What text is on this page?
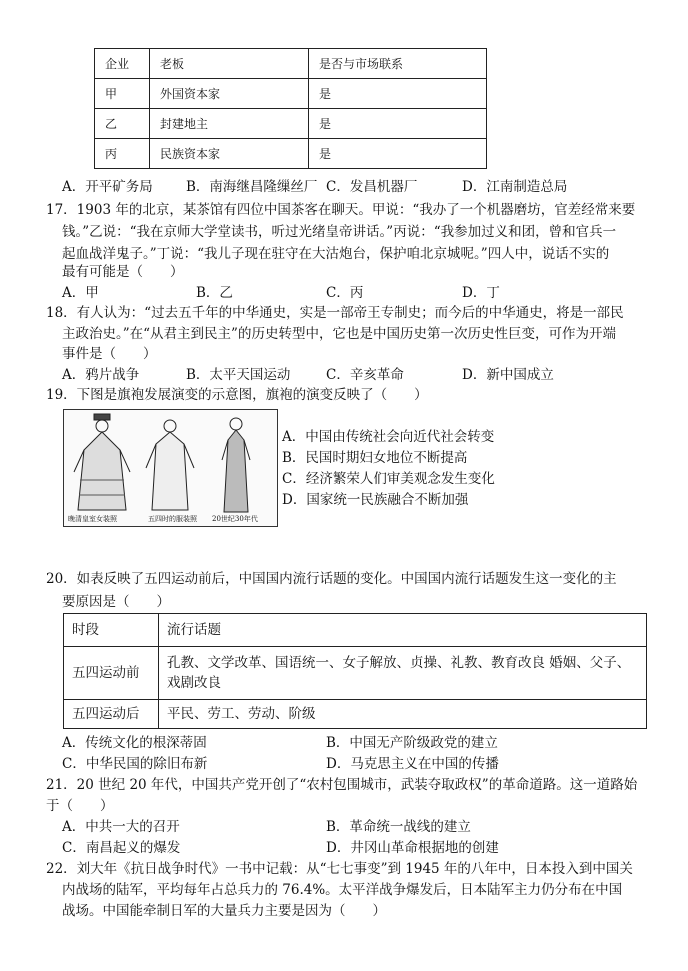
企业	老板	是否与市场联系
甲	外国资本家	是
乙	封建地主	是
丙	民族资本家	是
A．开平矿务局 B．南海继昌隆缫丝厂 C．发昌机器厂	D．江南制造总局
17．1903 年的北京，某茶馆有四位中国茶客在聊天。甲说：“我办了一个机器磨坊，官差经常来要
钱。”乙说：“我在京师大学堂读书，听过光绪皇帝讲话。”丙说：“我参加过义和团，曾和官兵一
起血战洋鬼子。”丁说：“我儿子现在驻守在大沽炮台，保护咱北京城呢。”四人中，说话不实的
最有可能是（　　）
A．甲	B．乙	C．丙	D．丁
18．有人认为：“过去五千年的中华通史，实是一部帝王专制史；而今后的中华通史，将是一部民
主政治史。”在“从君主到民主”的历史转型中，它也是中国历史第一次历史性巨变，可作为开端
事件是（　　）
A．鸦片战争	B．太平天国运动	C．辛亥革命	D．新中国成立
19．下图是旗袍发展演变的示意图，旗袍的演变反映了（　　）
晚清皇室女装照	五四时的服装照 20世纪30年代
A．中国由传统社会向近代社会转变
B．民国时期妇女地位不断提高
C．经济繁荣人们审美观念发生变化
D．国家统一民族融合不断加强
20．如表反映了五四运动前后，中国国内流行话题的变化。中国国内流行话题发生这一变化的主
要原因是（　　）
时段	流行话题
五四运动前	孔教、文学改革、国语统一、女子解放、贞操、礼教、教育改良 婚姻、父子、戏剧改良
五四运动后	平民、劳工、劳动、阶级
A．传统文化的根深蒂固	B．中国无产阶级政党的建立
C．中华民国的除旧布新	D．马克思主义在中国的传播
21．20 世纪 20 年代，中国共产党开创了“农村包围城市，武装夺取政权”的革命道路。这一道路始
于（　　）
A．中共一大的召开	B．革命统一战线的建立
C．南昌起义的爆发	D．井冈山革命根据地的创建
22．刘大年《抗日战争时代》一书中记载：从“七七事变”到 1945 年的八年中，日本投入到中国关
内战场的陆军，平均每年占总兵力的 76.4%。太平洋战争爆发后，日本陆军主力仍分布在中国
战场。中国能牵制日军的大量兵力主要是因为（　　）
